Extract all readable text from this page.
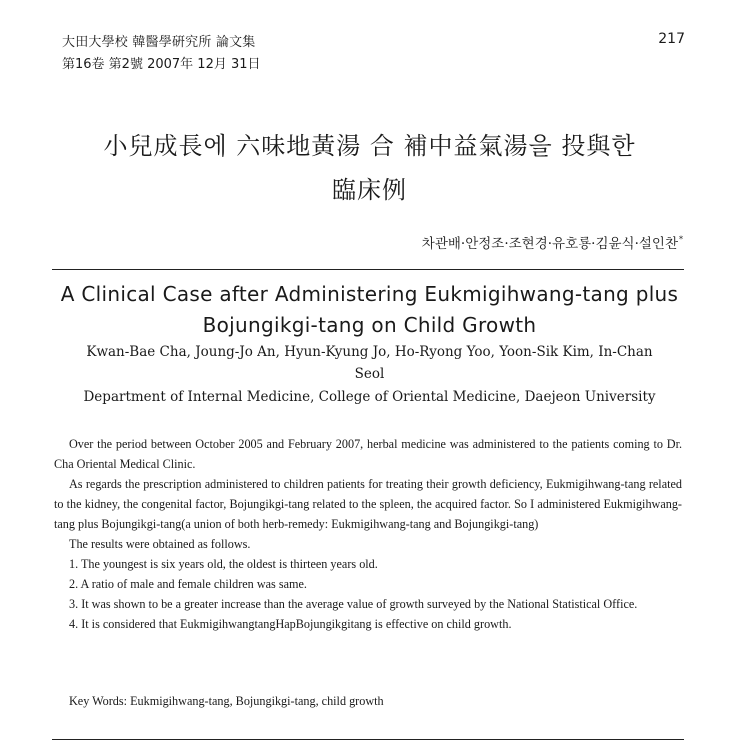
大田大學校 韓醫學硏究所 論文集
第16卷 第2號 2007年 12月 31日
217
小兒成長에 六味地黃湯 合 補中益氣湯을 投與한
臨床例
차관배·안정조·조현경·유호룡·김윤식·설인찬*
A Clinical Case after Administering Eukmigihwang-tang plus
Bojungikgi-tang on Child Growth
Kwan-Bae Cha, Joung-Jo An, Hyun-Kyung Jo, Ho-Ryong Yoo, Yoon-Sik Kim, In-Chan
Seol
Department of Internal Medicine, College of Oriental Medicine, Daejeon University

Over the period between October 2005 and February 2007, herbal medicine was administered to the patients coming to Dr. Cha Oriental Medical Clinic.

As regards the prescription administered to children patients for treating their growth deficiency, Eukmigihwang-tang related to the kidney, the congenital factor, Bojungikgi-tang related to the spleen, the acquired factor. So I administered Eukmigihwang-tang plus Bojungikgi-tang(a union of both herb-remedy: Eukmigihwang-tang and Bojungikgi-tang)

The results were obtained as follows.

1. The youngest is six years old, the oldest is thirteen years old.

2. A ratio of male and female children was same.

3. It was shown to be a greater increase than the average value of growth surveyed by the National Statistical Office.

4. It is considered that EukmigihwangtangHapBojungikgitang is effective on child growth.

Key Words: Eukmigihwang-tang, Bojungikgi-tang, child growth
